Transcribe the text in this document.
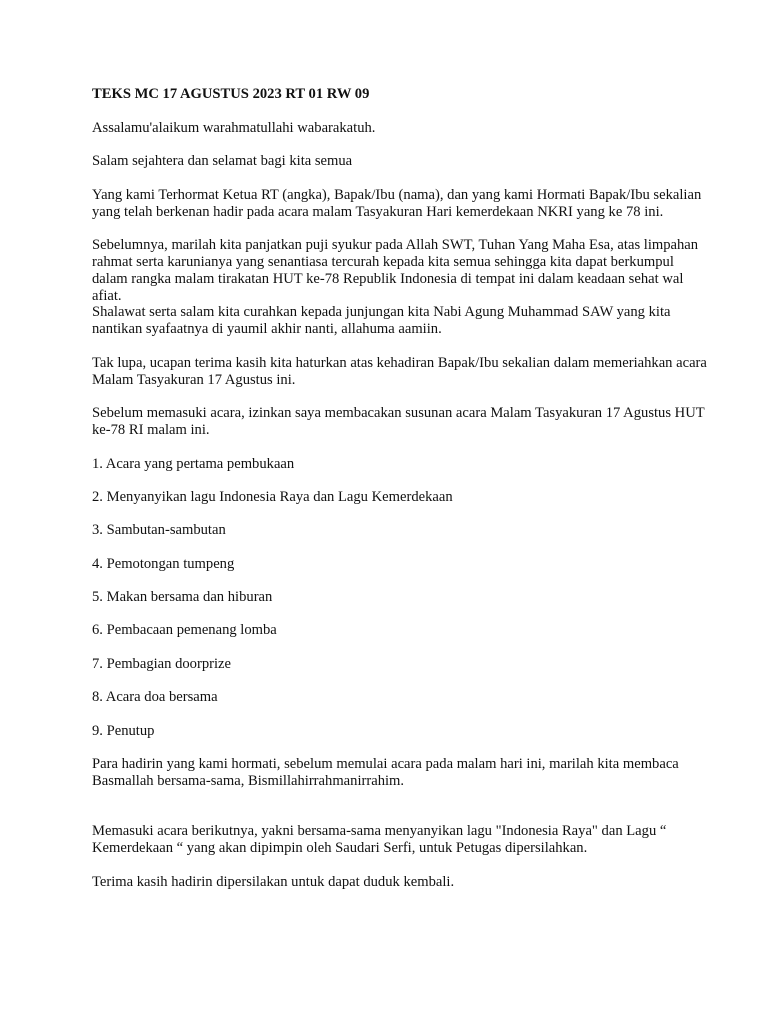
TEKS MC 17 AGUSTUS 2023 RT 01 RW 09

Assalamu'alaikum warahmatullahi wabarakatuh.

Salam sejahtera dan selamat bagi kita semua

Yang kami Terhormat Ketua RT (angka), Bapak/Ibu (nama), dan yang kami Hormati Bapak/Ibu sekalian yang telah berkenan hadir pada acara malam Tasyakuran Hari kemerdekaan NKRI yang ke 78 ini.

Sebelumnya, marilah kita panjatkan puji syukur pada Allah SWT, Tuhan Yang Maha Esa, atas limpahan rahmat serta karunianya yang senantiasa tercurah kepada kita semua sehingga kita dapat berkumpul dalam rangka malam tirakatan HUT ke-78 Republik Indonesia di tempat ini dalam keadaan sehat wal afiat.

Shalawat serta salam kita curahkan kepada junjungan kita Nabi Agung Muhammad SAW yang kita nantikan syafaatnya di yaumil akhir nanti, allahuma aamiin.

Tak lupa, ucapan terima kasih kita haturkan atas kehadiran Bapak/Ibu sekalian dalam memeriahkan acara Malam Tasyakuran 17 Agustus ini.

Sebelum memasuki acara, izinkan saya membacakan susunan acara Malam Tasyakuran 17 Agustus HUT ke-78 RI malam ini.

1. Acara yang pertama pembukaan

2. Menyanyikan lagu Indonesia Raya dan Lagu Kemerdekaan

3. Sambutan-sambutan

4. Pemotongan tumpeng

5. Makan bersama dan hiburan

6. Pembacaan pemenang lomba

7. Pembagian doorprize

8. Acara doa bersama

9. Penutup

Para hadirin yang kami hormati, sebelum memulai acara pada malam hari ini, marilah kita membaca Basmallah bersama-sama, Bismillahirrahmanirrahim.

Memasuki acara berikutnya, yakni bersama-sama menyanyikan lagu "Indonesia Raya" dan Lagu “ Kemerdekaan “ yang akan dipimpin oleh Saudari Serfi, untuk Petugas dipersilahkan.

Terima kasih hadirin dipersilakan untuk dapat duduk kembali.
